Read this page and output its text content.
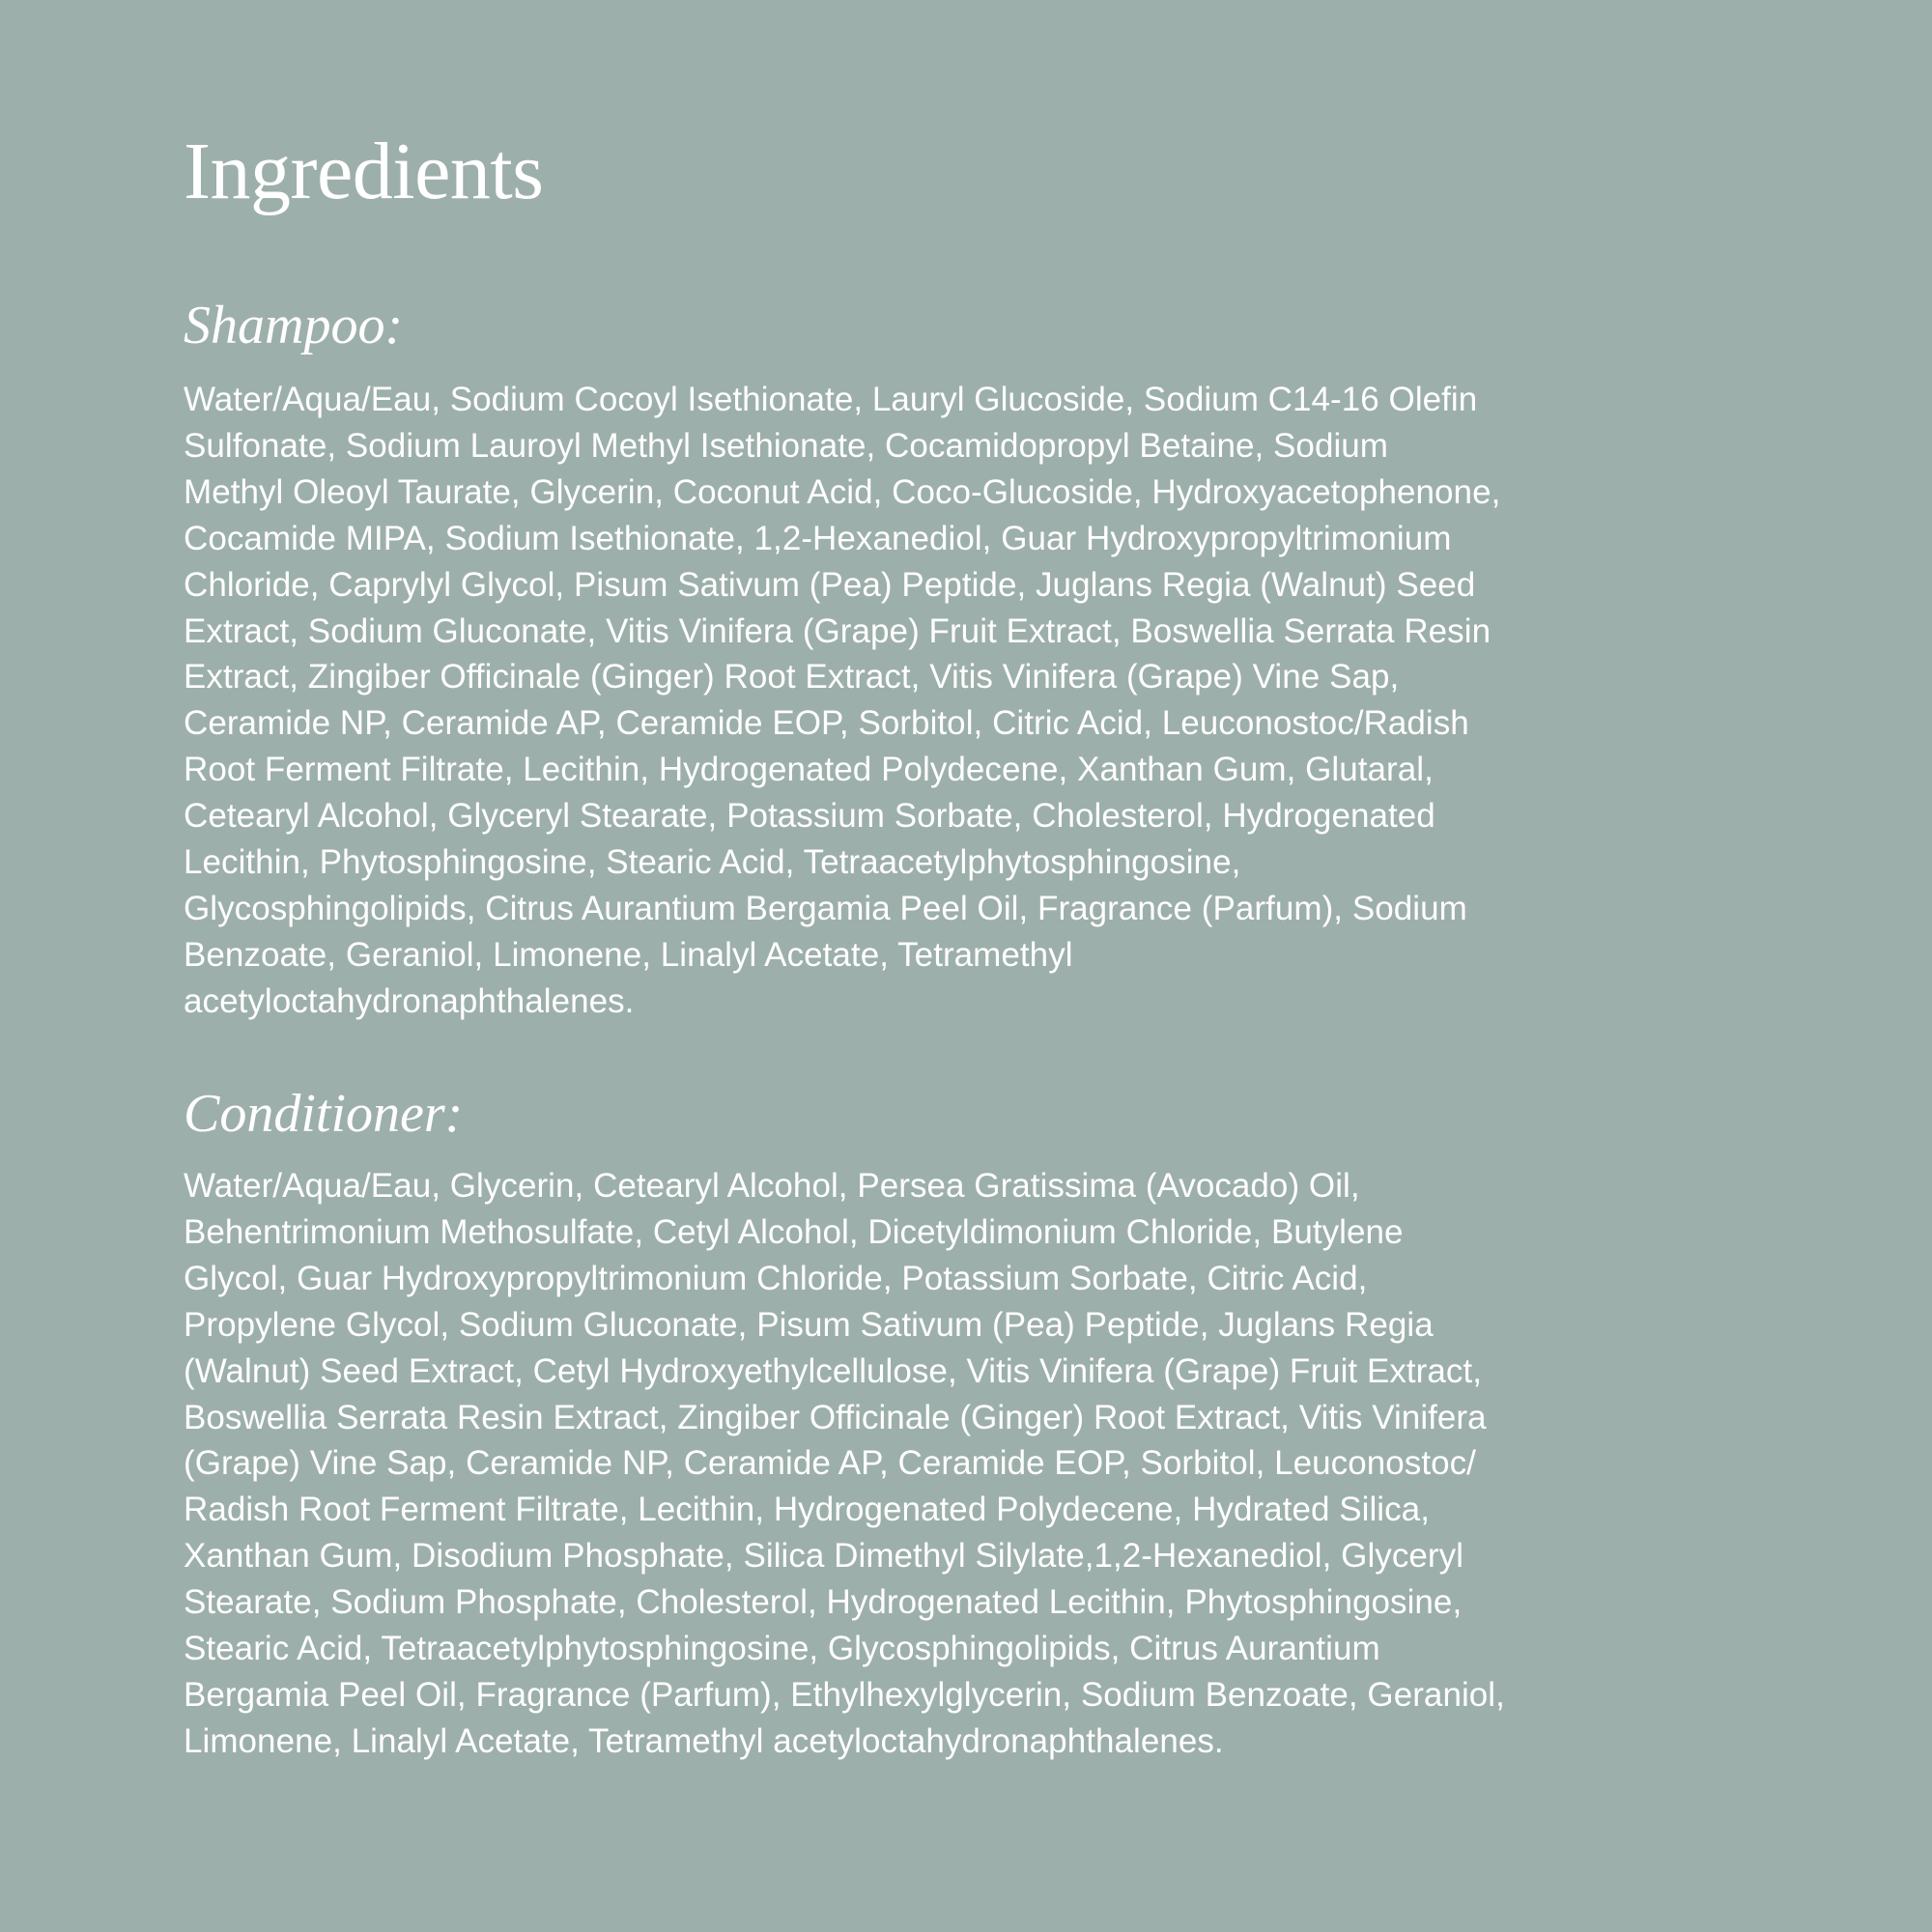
Ingredients
Shampoo:

Water/Aqua/Eau, Sodium Cocoyl Isethionate, Lauryl Glucoside, Sodium C14-16 Olefin
Sulfonate, Sodium Lauroyl Methyl Isethionate, Cocamidopropyl Betaine, Sodium
Methyl Oleoyl Taurate, Glycerin, Coconut Acid, Coco-Glucoside, Hydroxyacetophenone,
Cocamide MIPA, Sodium Isethionate, 1,2-Hexanediol, Guar Hydroxypropyltrimonium
Chloride, Caprylyl Glycol, Pisum Sativum (Pea) Peptide, Juglans Regia (Walnut) Seed
Extract, Sodium Gluconate, Vitis Vinifera (Grape) Fruit Extract, Boswellia Serrata Resin
Extract, Zingiber Officinale (Ginger) Root Extract, Vitis Vinifera (Grape) Vine Sap,
Ceramide NP, Ceramide AP, Ceramide EOP, Sorbitol, Citric Acid, Leuconostoc/Radish
Root Ferment Filtrate, Lecithin, Hydrogenated Polydecene, Xanthan Gum, Glutaral,
Cetearyl Alcohol, Glyceryl Stearate, Potassium Sorbate, Cholesterol, Hydrogenated
Lecithin, Phytosphingosine, Stearic Acid, Tetraacetylphytosphingosine,
Glycosphingolipids, Citrus Aurantium Bergamia Peel Oil, Fragrance (Parfum), Sodium
Benzoate, Geraniol, Limonene, Linalyl Acetate, Tetramethyl
acetyloctahydronaphthalenes.

Conditioner:

Water/Aqua/Eau, Glycerin, Cetearyl Alcohol, Persea Gratissima (Avocado) Oil,
Behentrimonium Methosulfate, Cetyl Alcohol, Dicetyldimonium Chloride, Butylene
Glycol, Guar Hydroxypropyltrimonium Chloride, Potassium Sorbate, Citric Acid,
Propylene Glycol, Sodium Gluconate, Pisum Sativum (Pea) Peptide, Juglans Regia
(Walnut) Seed Extract, Cetyl Hydroxyethylcellulose, Vitis Vinifera (Grape) Fruit Extract,
Boswellia Serrata Resin Extract, Zingiber Officinale (Ginger) Root Extract, Vitis Vinifera
(Grape) Vine Sap, Ceramide NP, Ceramide AP, Ceramide EOP, Sorbitol, Leuconostoc/
Radish Root Ferment Filtrate, Lecithin, Hydrogenated Polydecene, Hydrated Silica,
Xanthan Gum, Disodium Phosphate, Silica Dimethyl Silylate,1,2-Hexanediol, Glyceryl
Stearate, Sodium Phosphate, Cholesterol, Hydrogenated Lecithin, Phytosphingosine,
Stearic Acid, Tetraacetylphytosphingosine, Glycosphingolipids, Citrus Aurantium
Bergamia Peel Oil, Fragrance (Parfum), Ethylhexylglycerin, Sodium Benzoate, Geraniol,
Limonene, Linalyl Acetate, Tetramethyl acetyloctahydronaphthalenes.
